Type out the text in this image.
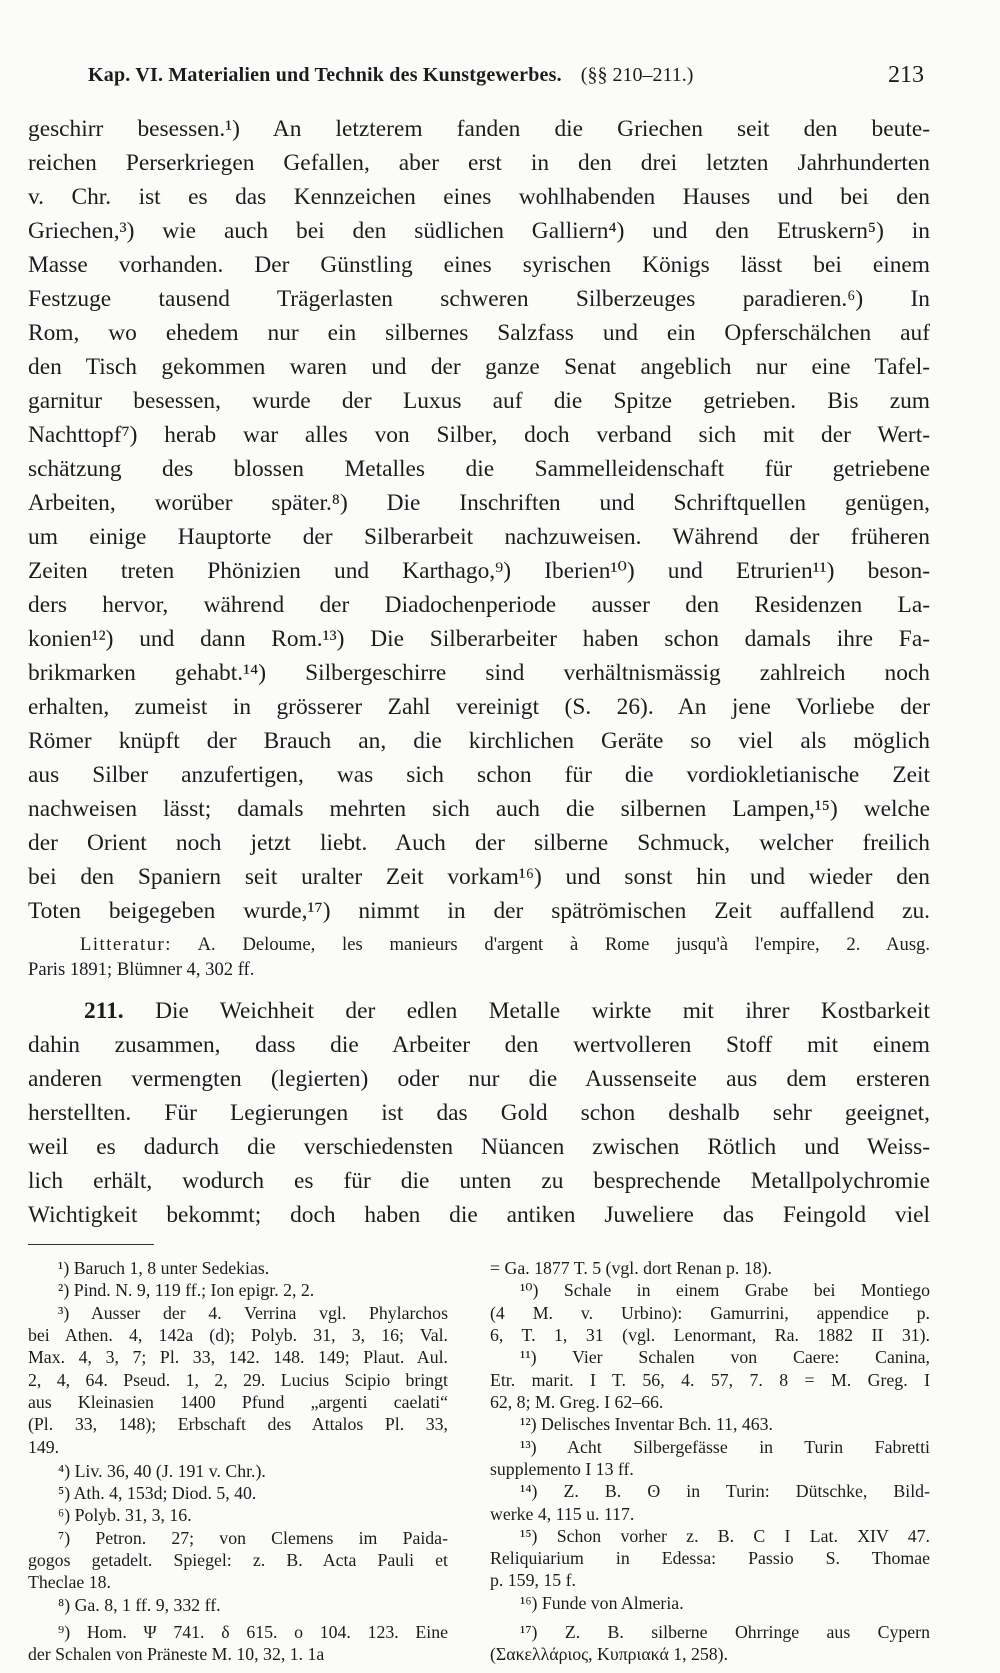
Kap. VI. Materialien und Technik des Kunstgewerbes. (§§ 210–211.)	213
geschirr besessen.¹) An letzterem fanden die Griechen seit den beute-
reichen Perserkriegen Gefallen, aber erst in den drei letzten Jahrhunderten
v. Chr. ist es das Kennzeichen eines wohlhabenden Hauses und bei den
Griechen,³) wie auch bei den südlichen Galliern⁴) und den Etruskern⁵) in
Masse vorhanden. Der Günstling eines syrischen Königs lässt bei einem
Festzuge tausend Trägerlasten schweren Silberzeuges paradieren.⁶) In
Rom, wo ehedem nur ein silbernes Salzfass und ein Opferschälchen auf
den Tisch gekommen waren und der ganze Senat angeblich nur eine Tafel-
garnitur besessen, wurde der Luxus auf die Spitze getrieben. Bis zum
Nachttopf⁷) herab war alles von Silber, doch verband sich mit der Wert-
schätzung des blossen Metalles die Sammelleidenschaft für getriebene
Arbeiten, worüber später.⁸) Die Inschriften und Schriftquellen genügen,
um einige Hauptorte der Silberarbeit nachzuweisen. Während der früheren
Zeiten treten Phönizien und Karthago,⁹) Iberien¹⁰) und Etrurien¹¹) beson-
ders hervor, während der Diadochenperiode ausser den Residenzen La-
konien¹²) und dann Rom.¹³) Die Silberarbeiter haben schon damals ihre Fa-
brikmarken gehabt.¹⁴) Silbergeschirre sind verhältnismässig zahlreich noch
erhalten, zumeist in grösserer Zahl vereinigt (S. 26). An jene Vorliebe der
Römer knüpft der Brauch an, die kirchlichen Geräte so viel als möglich
aus Silber anzufertigen, was sich schon für die vordiokletianische Zeit
nachweisen lässt; damals mehrten sich auch die silbernen Lampen,¹⁵) welche
der Orient noch jetzt liebt. Auch der silberne Schmuck, welcher freilich
bei den Spaniern seit uralter Zeit vorkam¹⁶) und sonst hin und wieder den
Toten beigegeben wurde,¹⁷) nimmt in der spätrömischen Zeit auffallend zu.
Litteratur: A. Deloume, les manieurs d'argent à Rome jusqu'à l'empire, 2. Ausg.
Paris 1891; Blümner 4, 302 ff.
211. Die Weichheit der edlen Metalle wirkte mit ihrer Kostbarkeit
dahin zusammen, dass die Arbeiter den wertvolleren Stoff mit einem
anderen vermengten (legierten) oder nur die Aussenseite aus dem ersteren
herstellten. Für Legierungen ist das Gold schon deshalb sehr geeignet,
weil es dadurch die verschiedensten Nüancen zwischen Rötlich und Weiss-
lich erhält, wodurch es für die unten zu besprechende Metallpolychromie
Wichtigkeit bekommt; doch haben die antiken Juweliere das Feingold viel
¹) Baruch 1, 8 unter Sedekias.
²) Pind. N. 9, 119 ff.; Ion epigr. 2, 2.
³) Ausser der 4. Verrina vgl. Phylarchos
bei Athen. 4, 142a (d); Polyb. 31, 3, 16; Val.
Max. 4, 3, 7; Pl. 33, 142. 148. 149; Plaut. Aul.
2, 4, 64. Pseud. 1, 2, 29. Lucius Scipio bringt
aus Kleinasien 1400 Pfund „argenti caelati“
(Pl. 33, 148); Erbschaft des Attalos Pl. 33,
149.
⁴) Liv. 36, 40 (J. 191 v. Chr.).
⁵) Ath. 4, 153d; Diod. 5, 40.
⁶) Polyb. 31, 3, 16.
⁷) Petron. 27; von Clemens im Paida-
gogos getadelt. Spiegel: z. B. Acta Pauli et
Theclae 18.
⁸) Ga. 8, 1 ff. 9, 332 ff.
⁹) Hom. Ψ 741. δ 615. ο 104. 123. Eine
der Schalen von Präneste M. 10, 32, 1. 1a
= Ga. 1877 T. 5 (vgl. dort Renan p. 18).
¹⁰) Schale in einem Grabe bei Montiego
(4 M. v. Urbino): Gamurrini, appendice p.
6, T. 1, 31 (vgl. Lenormant, Ra. 1882 II 31).
¹¹) Vier Schalen von Caere: Canina,
Etr. marit. I T. 56, 4. 57, 7. 8 = M. Greg. I
62, 8; M. Greg. I 62–66.
¹²) Delisches Inventar Bch. 11, 463.
¹³) Acht Silbergefässe in Turin Fabretti
supplemento I 13 ff.
¹⁴) Z. B. ʘ in Turin: Dütschke, Bild-
werke 4, 115 u. 117.
¹⁵) Schon vorher z. B. C I Lat. XIV 47.
Reliquiarium in Edessa: Passio S. Thomae
p. 159, 15 f.
¹⁶) Funde von Almeria.
¹⁷) Z. B. silberne Ohrringe aus Cypern
(Σακελλάριος, Κυπριακά 1, 258).
